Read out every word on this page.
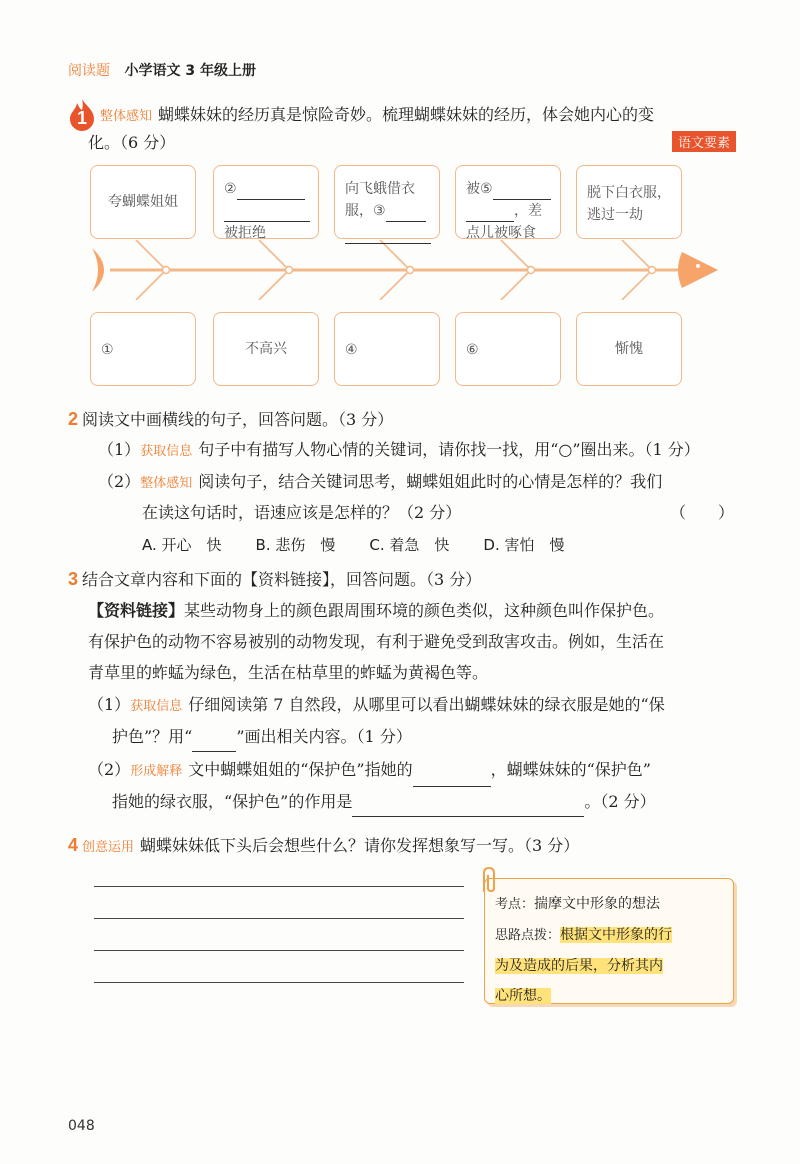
阅读题 小学语文 3 年级上册
1 整体感知 蝴蝶妹妹的经历真是惊险奇妙。梳理蝴蝶妹妹的经历，体会她内心的变
化。（6 分）	语文要素
夸蝴蝶姐姐
②

被拒绝
向飞蛾借衣
服，③

被⑤
，差
点儿被啄食
脱下白衣服，
逃过一劫
①	不高兴	④	⑥	惭愧
2 阅读文中画横线的句子，回答问题。（3 分）
（1）获取信息 句子中有描写人物心情的关键词，请你找一找，用“○”圈出来。（1 分）
（2）整体感知 阅读句子，结合关键词思考，蝴蝶姐姐此时的心情是怎样的？我们
在读这句话时，语速应该是怎样的？（2 分）	（　　）
A. 开心　快 B. 悲伤　慢 C. 着急　快 D. 害怕　慢
3 结合文章内容和下面的【资料链接】，回答问题。（3 分）
【资料链接】某些动物身上的颜色跟周围环境的颜色类似，这种颜色叫作保护色。
有保护色的动物不容易被别的动物发现，有利于避免受到敌害攻击。例如，生活在
青草里的蚱蜢为绿色，生活在枯草里的蚱蜢为黄褐色等。
（1）获取信息 仔细阅读第 7 自然段，从哪里可以看出蝴蝶妹妹的绿衣服是她的“保
护色”？用“	”画出相关内容。（1 分）
（2）形成解释 文中蝴蝶姐姐的“保护色”指她的	，蝴蝶妹妹的“保护色”
指她的绿衣服，“保护色”的作用是	。（2 分）
4 创意运用 蝴蝶妹妹低下头后会想些什么？请你发挥想象写一写。（3 分）
考点：揣摩文中形象的想法
思路点拨：根据文中形象的行
为及造成的后果，分析其内
心所想。
048
